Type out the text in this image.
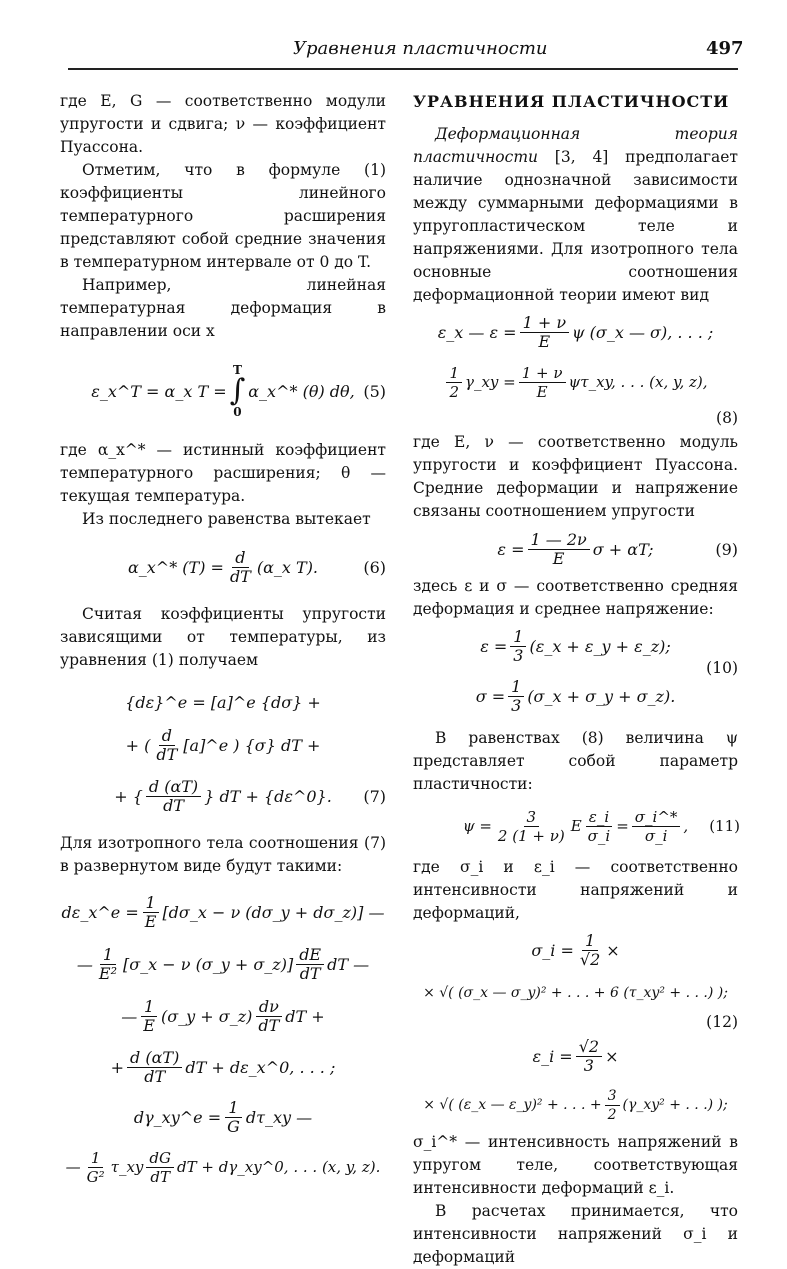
Уравнения пластичности	497

где E, G — соответственно модули упругости и сдвига; ν — коэффициент Пуассона.

Отметим, что в формуле (1) коэффициенты линейного температурного расширения представляют собой средние значения в температурном интервале от 0 до T.

Например, линейная температурная деформация в направлении оси x

ε_x^T = α_x T =
T
∫
0
α_x^* (θ) dθ, (5)

где α_x^* — истинный коэффициент температурного расширения; θ — текущая температура.

Из последнего равенства вытекает

α_x^* $(T) = \frac{d}{dT}$ (α_x T).	(6)

Считая коэффициенты упругости зависящими от температуры, из уравнения (1) получаем

{dε}^e = [a]^e {dσ} +
+ ( $\frac{d}{dT}$ [a]^e ) {σ} dT +
+ { $\frac{d (\alpha T)}{dT}$ } dT + {dε^0}. (7)

Для изотропного тела соотношения (7) в развернутом виде будут такими:

dε_x^e = $\frac{1}{E}$ [dσ_x − ν (dσ_y + dσ_z)] —
— $\frac{1}{\text{E²}}$ [σ_x − ν (σ_y + σ_z)] $\frac{dE}{dT}$ dT —
— $\frac{1}{E}$ (σ_y + σ_z) $\frac{d\nu}{dT}$ dT +
+ $\frac{d (\alpha T)}{dT}$ dT + dε_x^0, . . . ;
dγ_xy^e = $\frac{1}{G}$ dτ_xy —
— $\frac{1}{\text{G²}}$ τ_xy $\frac{dG}{dT}$ dT + dγ_xy^0, . . . (x, y, z).
УРАВНЕНИЯ ПЛАСТИЧНОСТИ

Деформационная теория пластичности [3, 4] предполагает наличие однозначной зависимости между суммарными деформациями в упругопластическом теле и напряжениями. Для изотропного тела основные соотношения деформационной теории имеют вид

ε_x — $\varepsilon = \frac{1 + \nu}{E}$ ψ (σ_x — σ), . . . ;
$\frac{1}{2}$ γ_xy = $\frac{1 + \nu}{E}$ ψτ_xy, . . . (x, y, z),
(8)

где E, ν — соответственно модуль упругости и коэффициент Пуассона. Средние деформации и напряжение связаны соотношением упругости

$\varepsilon = \frac{1 — 2\nu}{E}$ σ + αT;	(9)

здесь ε и σ — соответственно средняя деформация и среднее напряжение:

$\varepsilon = \frac{1}{3}$ (ε_x + ε_y + ε_z);
$\sigma = \frac{1}{3}$ (σ_x + σ_y + σ_z).
(10)

В равенствах (8) величина ψ представляет собой параметр пластичности:

$\psi = \frac{3}{2 (1 + \nu)}$ E $\frac{\varepsilon\_i}{\sigma\_i} = \frac{\sigma\_i\^{}*}{\sigma\_i}$ , (11)

где σ_i и ε_i — соответственно интенсивности напряжений и деформаций,

σ_i = $\frac{1}{√2}$ ×
× √( (σ_x — σ_y)² + . . . + 6 (τ_xy² + . . .) );
(12)
ε_i = $\frac{√2}{3}$ ×
× √( (ε_x — ε_y)² + . . . + $\frac{3}{2}$ (γ_xy² + . . .) );

σ_i^* — интенсивность напряжений в упругом теле, соответствующая интенсивности деформаций ε_i.

В расчетах принимается, что интенсивности напряжений σ_i и деформаций
